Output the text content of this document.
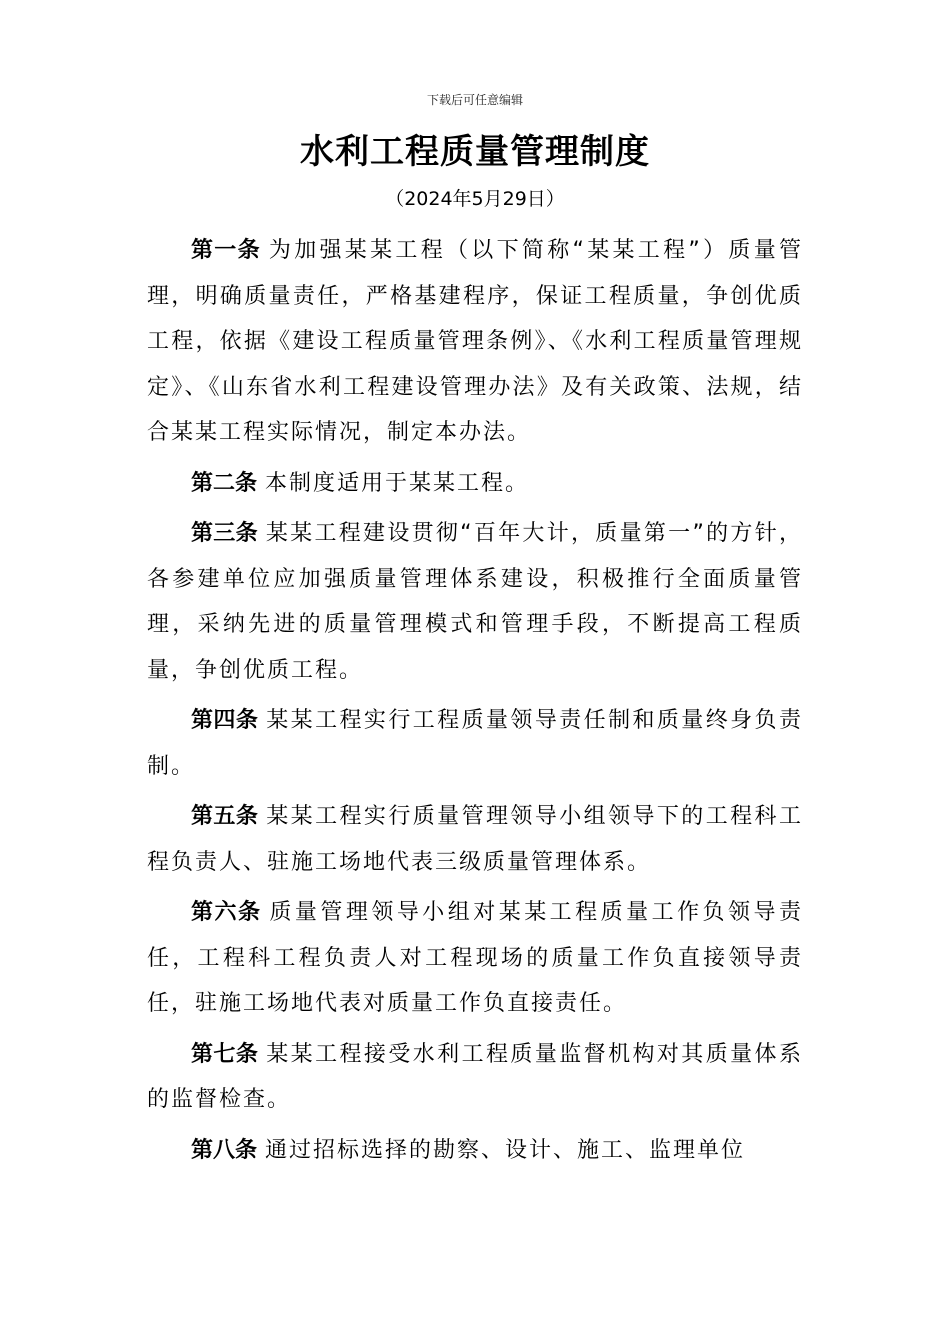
下载后可任意编辑
水利工程质量管理制度
（2024年5月29日）

第一条 为加强某某工程（以下简称“某某工程”）质量管理，明确质量责任，严格基建程序，保证工程质量，争创优质工程，依据《建设工程质量管理条例》、《水利工程质量管理规定》、《山东省水利工程建设管理办法》及有关政策、法规，结合某某工程实际情况，制定本办法。

第二条 本制度适用于某某工程。

第三条 某某工程建设贯彻“百年大计，质量第一”的方针，各参建单位应加强质量管理体系建设，积极推行全面质量管理，采纳先进的质量管理模式和管理手段，不断提高工程质量，争创优质工程。

第四条 某某工程实行工程质量领导责任制和质量终身负责制。

第五条 某某工程实行质量管理领导小组领导下的工程科工程负责人、驻施工场地代表三级质量管理体系。

第六条 质量管理领导小组对某某工程质量工作负领导责任，工程科工程负责人对工程现场的质量工作负直接领导责任，驻施工场地代表对质量工作负直接责任。

第七条 某某工程接受水利工程质量监督机构对其质量体系的监督检查。

第八条 通过招标选择的勘察、设计、施工、监理单位
